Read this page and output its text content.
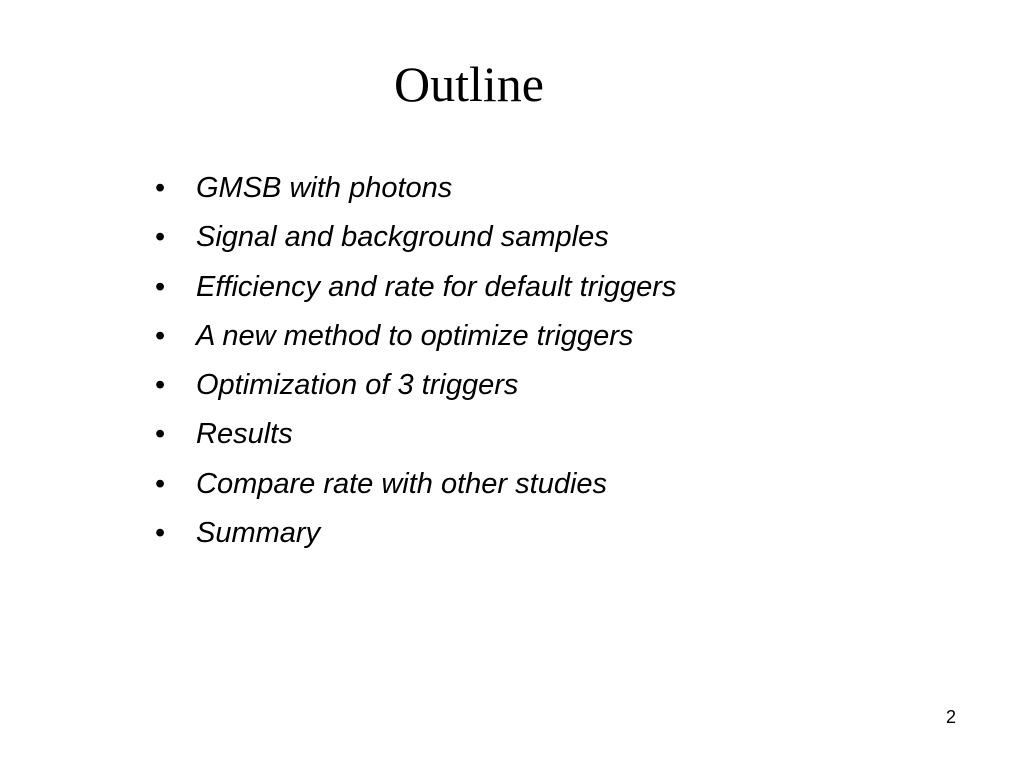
Outline
• GMSB with photons
• Signal and background samples
• Efficiency and rate for default triggers
• A new method to optimize triggers
• Optimization of 3 triggers
• Results
• Compare rate with other studies
• Summary
2
